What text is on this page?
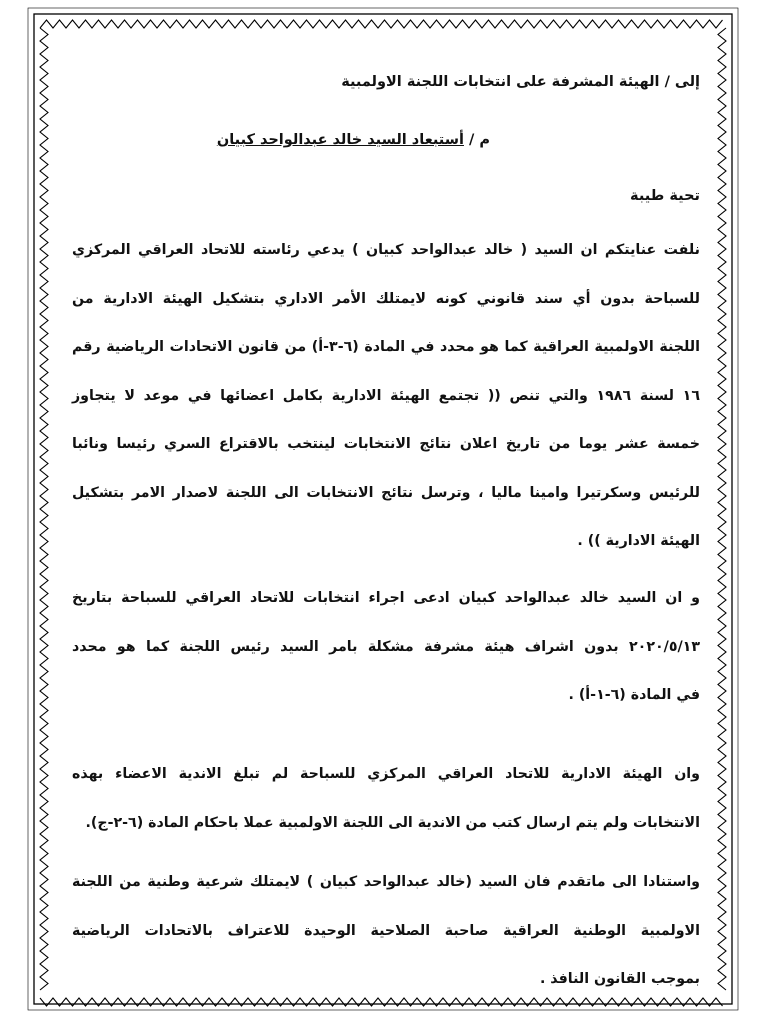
إلى / الهيئة المشرفة على انتخابات اللجنة الاولمبية
م / أستبعاد السيد خالد عبدالواحد كبيان
تحية طيبة
نلفت عنايتكم ان السيد ( خالد عبدالواحد كبيان ) يدعي رئاسته للاتحاد العراقي المركزي
للسباحة بدون أي سند قانوني كونه لايمتلك الأمر الاداري بتشكيل الهيئة الادارية من
اللجنة الاولمبية العراقية كما هو محدد في المادة (٦-٣-أ) من قانون الاتحادات الرياضية رقم
١٦ لسنة ١٩٨٦ والتي تنص (( تجتمع الهيئة الادارية بكامل اعضائها في موعد لا يتجاوز
خمسة عشر يوما من تاريخ اعلان نتائج الانتخابات لينتخب بالاقتراع السري رئيسا ونائبا
للرئيس وسكرتيرا وامينا ماليا ، وترسل نتائج الانتخابات الى اللجنة لاصدار الامر بتشكيل
الهيئة الادارية )) .
و ان السيد خالد عبدالواحد كبيان ادعى اجراء انتخابات للاتحاد العراقي للسباحة بتاريخ
٢٠٢٠/٥/١٣ بدون اشراف هيئة مشرفة مشكلة بامر السيد رئيس اللجنة كما هو محدد
في المادة (٦-١-أ) .
وان الهيئة الادارية للاتحاد العراقي المركزي للسباحة لم تبلغ الاندية الاعضاء بهذه
الانتخابات ولم يتم ارسال كتب من الاندية الى اللجنة الاولمبية عملا باحكام المادة (٦-٢-ج).
واستنادا الى ماتقدم فان السيد (خالد عبدالواحد كبيان ) لايمتلك شرعية وطنية من اللجنة
الاولمبية الوطنية العراقية صاحبة الصلاحية الوحيدة للاعتراف بالاتحادات الرياضية
بموجب القانون النافذ .
